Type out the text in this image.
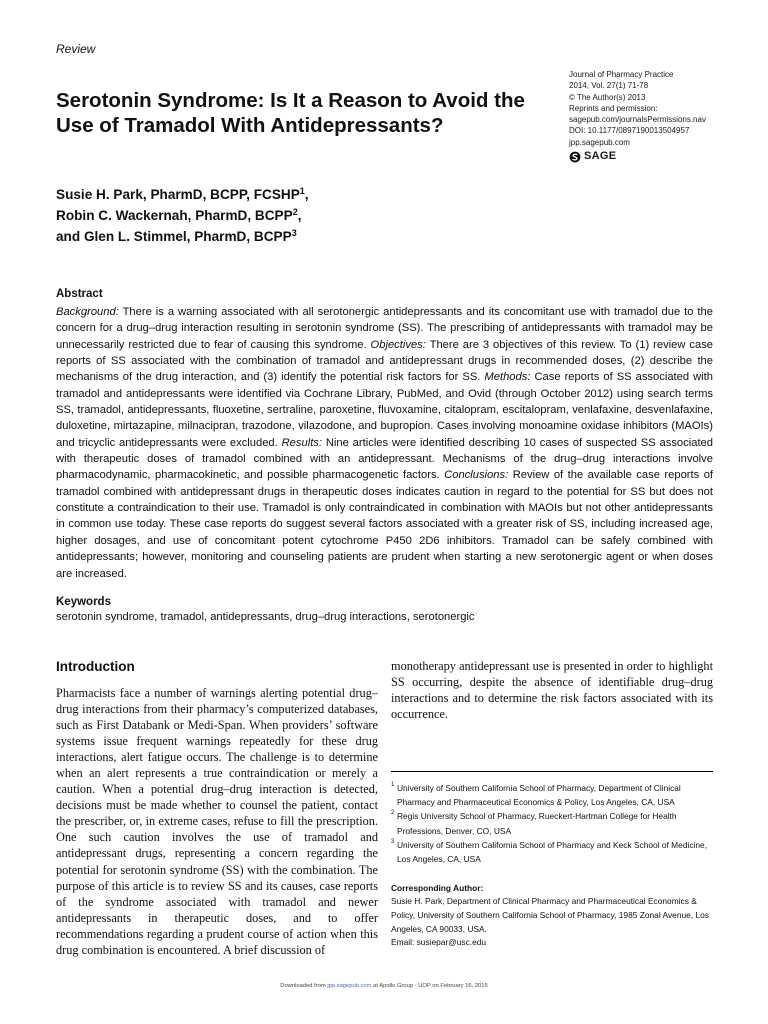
Review
Journal of Pharmacy Practice
2014, Vol. 27(1) 71-78
© The Author(s) 2013
Reprints and permission:
sagepub.com/journalsPermissions.nav
DOI: 10.1177/0897190013504957
jpp.sagepub.com
SAGE
Serotonin Syndrome: Is It a Reason to Avoid the Use of Tramadol With Antidepressants?
Susie H. Park, PharmD, BCPP, FCSHP$^1$,
Robin C. Wackernah, PharmD, BCPP$^2$,
and Glen L. Stimmel, PharmD, BCPP$^3$
Abstract

Background: There is a warning associated with all serotonergic antidepressants and its concomitant use with tramadol due to the concern for a drug–drug interaction resulting in serotonin syndrome (SS). The prescribing of antidepressants with tramadol may be unnecessarily restricted due to fear of causing this syndrome. Objectives: There are 3 objectives of this review. To (1) review case reports of SS associated with the combination of tramadol and antidepressant drugs in recommended doses, (2) describe the mechanisms of the drug interaction, and (3) identify the potential risk factors for SS. Methods: Case reports of SS associated with tramadol and antidepressants were identified via Cochrane Library, PubMed, and Ovid (through October 2012) using search terms SS, tramadol, antidepressants, fluoxetine, sertraline, paroxetine, fluvoxamine, citalopram, escitalopram, venlafaxine, desvenlafaxine, duloxetine, mirtazapine, milnacipran, trazodone, vilazodone, and bupropion. Cases involving monoamine oxidase inhibitors (MAOIs) and tricyclic antidepressants were excluded. Results: Nine articles were identified describing 10 cases of suspected SS associated with therapeutic doses of tramadol combined with an antidepressant. Mechanisms of the drug–drug interactions involve pharmacodynamic, pharmacokinetic, and possible pharmacogenetic factors. Conclusions: Review of the available case reports of tramadol combined with antidepressant drugs in therapeutic doses indicates caution in regard to the potential for SS but does not constitute a contraindication to their use. Tramadol is only contraindicated in combination with MAOIs but not other antidepressants in common use today. These case reports do suggest several factors associated with a greater risk of SS, including increased age, higher dosages, and use of concomitant potent cytochrome P450 2D6 inhibitors. Tramadol can be safely combined with antidepressants; however, monitoring and counseling patients are prudent when starting a new serotonergic agent or when doses are increased.

Keywords
serotonin syndrome, tramadol, antidepressants, drug–drug interactions, serotonergic
Introduction

Pharmacists face a number of warnings alerting potential drug–drug interactions from their pharmacy’s computerized databases, such as First Databank or Medi-Span. When providers’ software systems issue frequent warnings repeatedly for these drug interactions, alert fatigue occurs. The challenge is to determine when an alert represents a true contraindication or merely a caution. When a potential drug–drug interaction is detected, decisions must be made whether to counsel the patient, contact the prescriber, or, in extreme cases, refuse to fill the prescription. One such caution involves the use of tramadol and antidepressant drugs, representing a concern regarding the potential for serotonin syndrome (SS) with the combination. The purpose of this article is to review SS and its causes, case reports of the syndrome associated with tramadol and newer antidepressants in therapeutic doses, and to offer recommendations regarding a prudent course of action when this drug combination is encountered. A brief discussion of

monotherapy antidepressant use is presented in order to highlight SS occurring, despite the absence of identifiable drug–drug interactions and to determine the risk factors associated with its occurrence.

1 University of Southern California School of Pharmacy, Department of Clinical Pharmacy and Pharmaceutical Economics & Policy, Los Angeles, CA, USA
2 Regis University School of Pharmacy, Rueckert-Hartman College for Health Professions, Denver, CO, USA
3 University of Southern California School of Pharmacy and Keck School of Medicine, Los Angeles, CA, USA
Corresponding Author:
Susie H. Park, Department of Clinical Pharmacy and Pharmaceutical Economics & Policy, University of Southern California School of Pharmacy, 1985 Zonal Avenue, Los Angeles, CA 90033, USA.
Email: susiepar@usc.edu
Downloaded from jpp.sagepub.com at Apollo Group - UOP on February 16, 2015
